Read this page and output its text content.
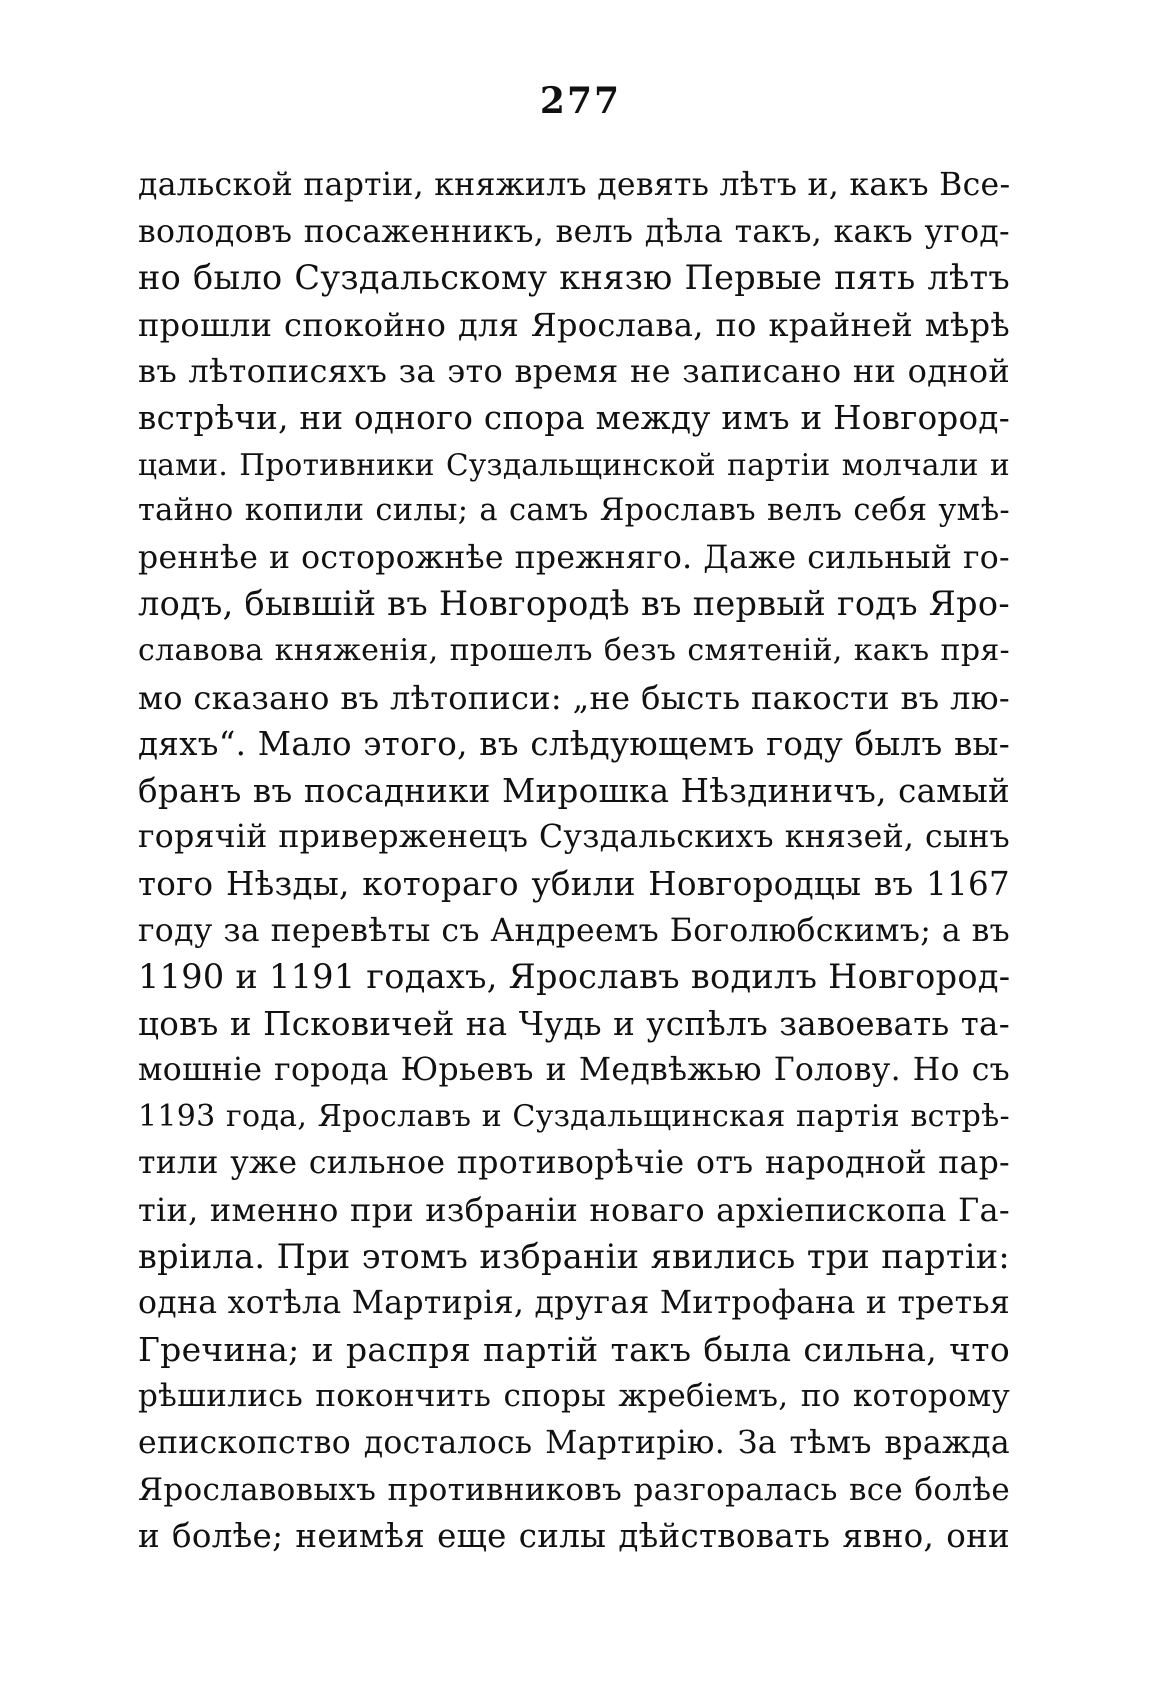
277
дальской партіи, княжилъ девять лѣтъ и, какъ Все-
володовъ посаженникъ, велъ дѣла такъ, какъ угод-
но было Суздальскому князю Первые пять лѣтъ
прошли спокойно для Ярослава, по крайней мѣрѣ
въ лѣтописяхъ за это время не записано ни одной
встрѣчи, ни одного спора между имъ и Новгород-
цами. Противники Суздальщинской партіи молчали и
тайно копили силы; а самъ Ярославъ велъ себя умѣ-
реннѣе и осторожнѣе прежняго. Даже сильный го-
лодъ, бывшій въ Новгородѣ въ первый годъ Яро-
славова княженія, прошелъ безъ смятеній, какъ пря-
мо сказано въ лѣтописи: „не бысть пакости въ лю-
дяхъ“. Мало этого, въ слѣдующемъ году былъ вы-
бранъ въ посадники Мирошка Нѣздиничъ, самый
горячій приверженецъ Суздальскихъ князей, сынъ
того Нѣзды, котораго убили Новгородцы въ 1167
году за перевѣты съ Андреемъ Боголюбскимъ; а въ
1190 и 1191 годахъ, Ярославъ водилъ Новгород-
цовъ и Псковичей на Чудь и успѣлъ завоевать та-
мошніе города Юрьевъ и Медвѣжью Голову. Но съ
1193 года, Ярославъ и Суздальщинская партія встрѣ-
тили уже сильное противорѣчіе отъ народной пар-
тіи, именно при избраніи новаго архіепископа Га-
вріила. При этомъ избраніи явились три партіи:
одна хотѣла Мартирія, другая Митрофана и третья
Гречина; и распря партій такъ была сильна, что
рѣшились покончить споры жребіемъ, по которому
епископство досталось Мартирію. За тѣмъ вражда
Ярославовыхъ противниковъ разгоралась все болѣе
и болѣе; неимѣя еще силы дѣйствовать явно, они
